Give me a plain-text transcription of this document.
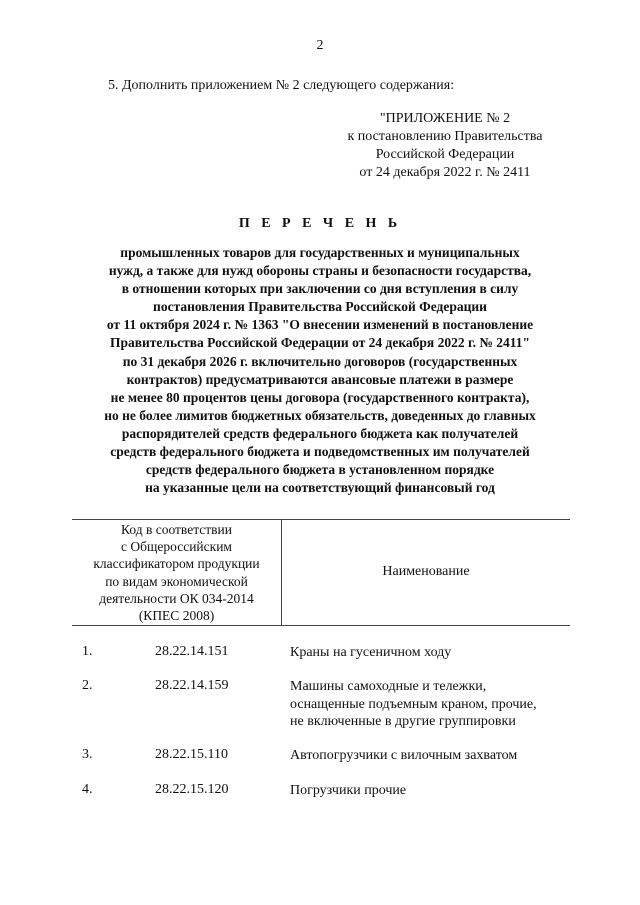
2
5. Дополнить приложением № 2 следующего содержания:
"ПРИЛОЖЕНИЕ № 2
к постановлению Правительства
Российской Федерации
от 24 декабря 2022 г. № 2411
П Е Р Е Ч Е Н Ь
промышленных товаров для государственных и муниципальных
нужд, а также для нужд обороны страны и безопасности государства,
в отношении которых при заключении со дня вступления в силу
постановления Правительства Российской Федерации
от 11 октября 2024 г. № 1363 "О внесении изменений в постановление
Правительства Российской Федерации от 24 декабря 2022 г. № 2411"
по 31 декабря 2026 г. включительно договоров (государственных
контрактов) предусматриваются авансовые платежи в размере
не менее 80 процентов цены договора (государственного контракта),
но не более лимитов бюджетных обязательств, доведенных до главных
распорядителей средств федерального бюджета как получателей
средств федерального бюджета и подведомственных им получателей
средств федерального бюджета в установленном порядке
на указанные цели на соответствующий финансовый год
Код в соответствии
с Общероссийским
классификатором продукции
по видам экономической
деятельности ОК 034-2014
(КПЕС 2008)
Наименование
1.	28.22.14.151	Краны на гусеничном ходу
2.	28.22.14.159	Машины самоходные и тележки,
оснащенные подъемным краном, прочие,
не включенные в другие группировки
3.	28.22.15.110	Автопогрузчики с вилочным захватом
4.	28.22.15.120	Погрузчики прочие
